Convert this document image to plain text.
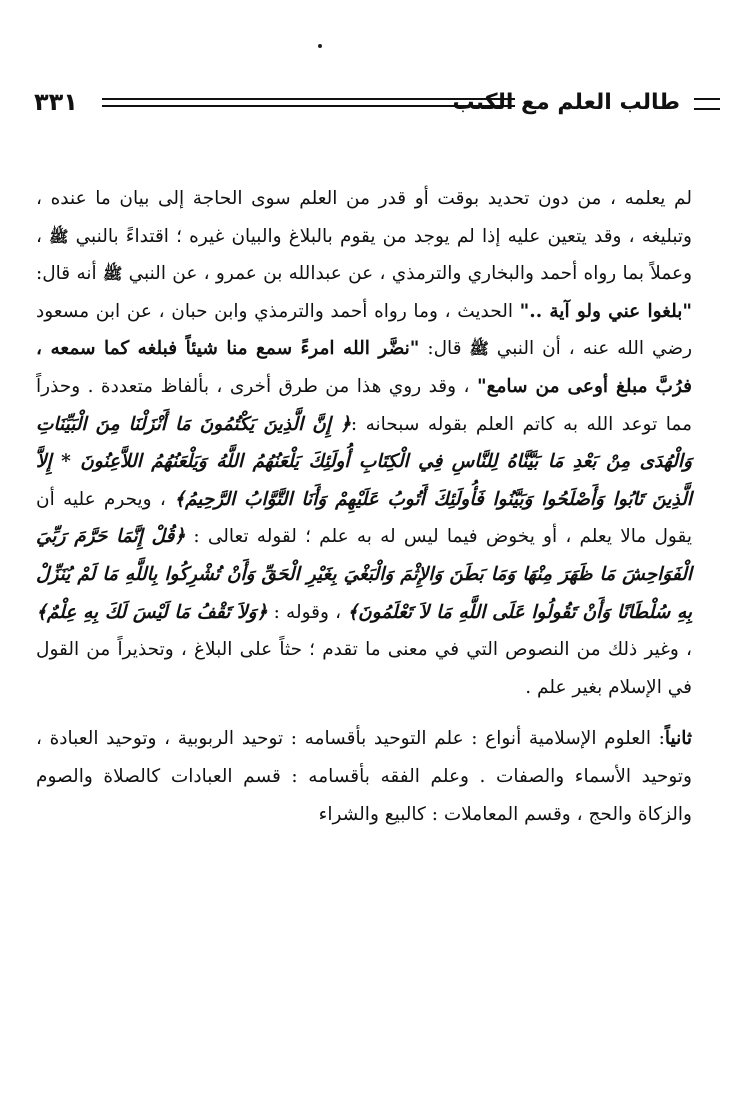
طالب العلم مع الكتب
٣٣١

لم يعلمه ، من دون تحديد بوقت أو قدر من العلم سوى الحاجة إلى بيان ما عنده ، وتبليغه ، وقد يتعين عليه إذا لم يوجد من يقوم بالبلاغ والبيان غيره ؛ اقتداءً بالنبي ﷺ ، وعملاً بما رواه أحمد والبخاري والترمذي ، عن عبدالله بن عمرو ، عن النبي ﷺ أنه قال: "بلغوا عني ولو آية .." الحديث ، وما رواه أحمد والترمذي وابن حبان ، عن ابن مسعود رضي الله عنه ، أن النبي ﷺ قال: "نضَّر الله امرءً سمع منا شيئاً فبلغه كما سمعه ، فرُبَّ مبلغ أوعى من سامع" ، وقد روي هذا من طرق أخرى ، بألفاظ متعددة . وحذراً مما توعد الله به كاتم العلم بقوله سبحانه :﴿ إِنَّ الَّذِينَ يَكْتُمُونَ مَا أَنْزَلْنَا مِنَ الْبَيِّنَاتِ وَالْهُدَى مِنْ بَعْدِ مَا بَيَّنَّاهُ لِلنَّاسِ فِي الْكِتَابِ أُولَئِكَ يَلْعَنُهُمُ اللَّهُ وَيَلْعَنُهُمُ اللاَّعِنُونَ * إِلاَّ الَّذِينَ تَابُوا وَأَصْلَحُوا وَبَيَّنُوا فَأُولَئِكَ أَتُوبُ عَلَيْهِمْ وَأَنَا التَّوَّابُ الرَّحِيمُ﴾ ، ويحرم عليه أن يقول مالا يعلم ، أو يخوض فيما ليس له به علم ؛ لقوله تعالى : ﴿قُلْ إِنَّمَا حَرَّمَ رَبِّيَ الْفَوَاحِشَ مَا ظَهَرَ مِنْهَا وَمَا بَطَنَ وَالإِثْمَ وَالْبَغْيَ بِغَيْرِ الْحَقِّ وَأَنْ تُشْرِكُوا بِاللَّهِ مَا لَمْ يُنَزِّلْ بِهِ سُلْطَانًا وَأَنْ تَقُولُوا عَلَى اللَّهِ مَا لاَ تَعْلَمُونَ﴾ ، وقوله : ﴿وَلاَ تَقْفُ مَا لَيْسَ لَكَ بِهِ عِلْمٌ﴾ ، وغير ذلك من النصوص التي في معنى ما تقدم ؛ حثاً على البلاغ ، وتحذيراً من القول في الإسلام بغير علم .

ثانياً: العلوم الإسلامية أنواع : علم التوحيد بأقسامه : توحيد الربوبية ، وتوحيد العبادة ، وتوحيد الأسماء والصفات . وعلم الفقه بأقسامه : قسم العبادات كالصلاة والصوم والزكاة والحج ، وقسم المعاملات : كالبيع والشراء
